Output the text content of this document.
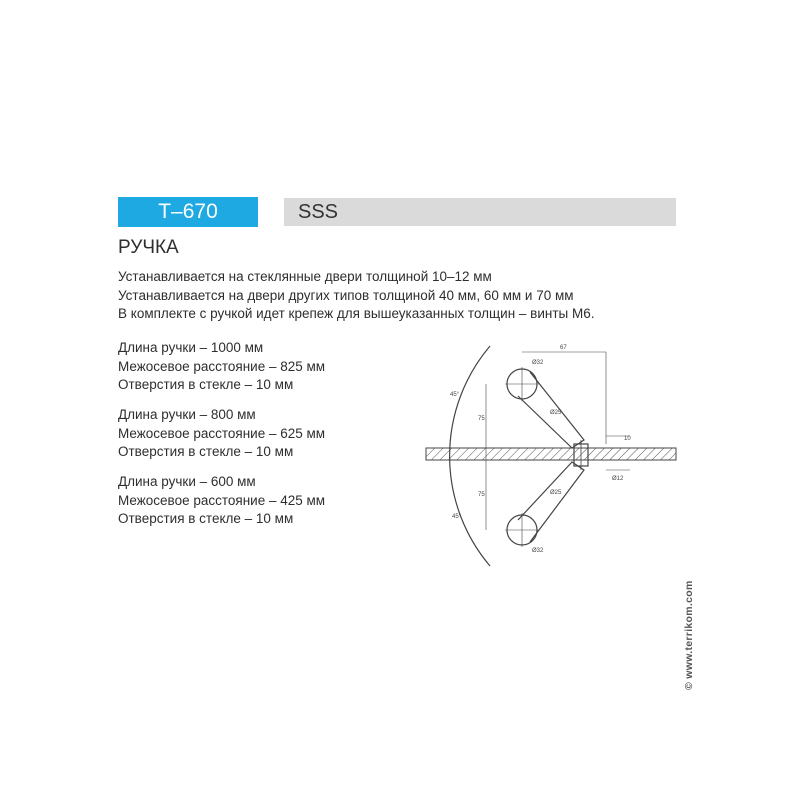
T–670	SSS
РУЧКА
Устанавливается на стеклянные двери толщиной 10–12 мм
Устанавливается на двери других типов толщиной 40 мм, 60 мм и 70 мм
В комплекте с ручкой идет крепеж для вышеуказанных толщин – винты М6.
Длина ручки – 1000 мм
Межосевое расстояние – 825 мм
Отверстия в стекле – 10 мм
Длина ручки – 800 мм
Межосевое расстояние – 625 мм
Отверстия в стекле – 10 мм
Длина ручки – 600 мм
Межосевое расстояние – 425 мм
Отверстия в стекле – 10 мм
67
Ø32
75
75
Ø25
Ø25
Ø32
10
Ø12
45°
45°
© www.terrikom.com
